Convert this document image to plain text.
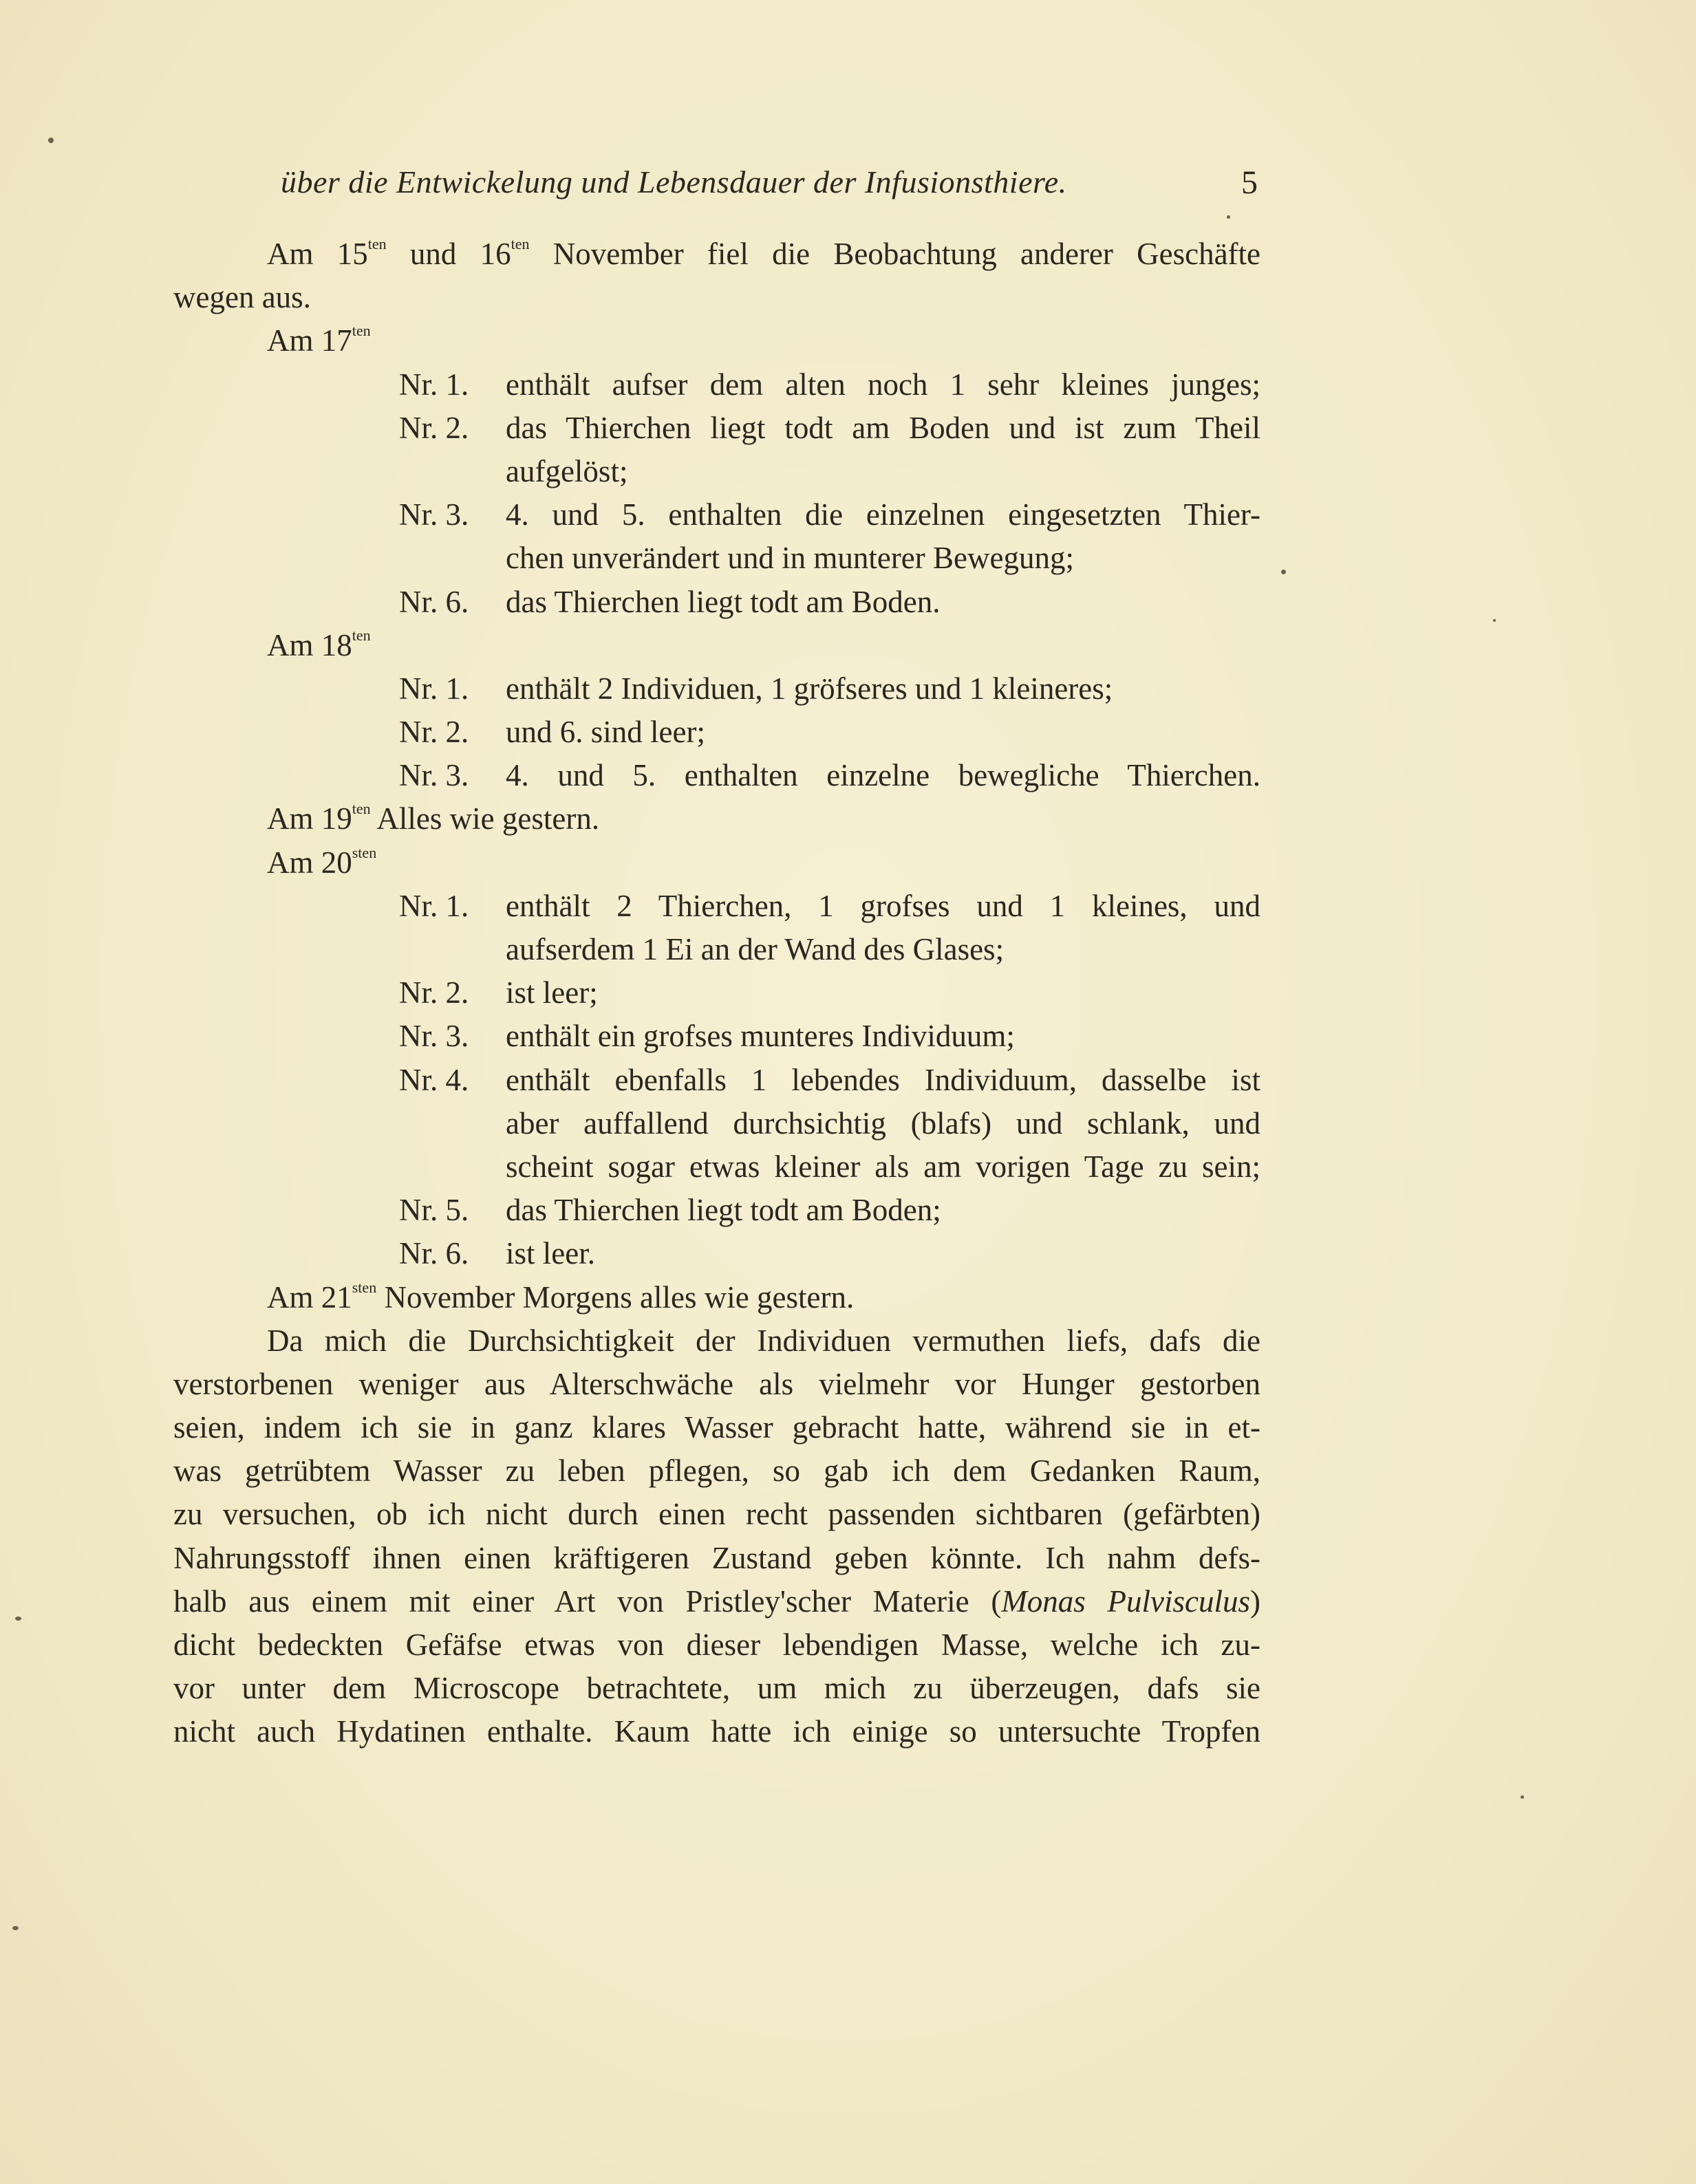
über die Entwickelung und Lebensdauer der Infusionsthiere.	5
Am $15^{ten}$ und $16^{ten}$ November fiel die Beobachtung anderer Geschäfte
wegen aus.
Am $17^{ten}$
Nr. 1.	enthält aufser dem alten noch 1 sehr kleines junges;
Nr. 2.	das Thierchen liegt todt am Boden und ist zum Theil
aufgelöst;
Nr. 3.	4. und 5. enthalten die einzelnen eingesetzten Thier-
chen unverändert und in munterer Bewegung;
Nr. 6.	das Thierchen liegt todt am Boden.
Am $18^{ten}$
Nr. 1.	enthält 2 Individuen, 1 gröfseres und 1 kleineres;
Nr. 2.	und 6. sind leer;
Nr. 3.	4. und 5. enthalten einzelne bewegliche Thierchen.
Am $19^{ten}$ Alles wie gestern.
Am $20^{sten}$
Nr. 1.	enthält 2 Thierchen, 1 grofses und 1 kleines, und
aufserdem 1 Ei an der Wand des Glases;
Nr. 2.	ist leer;
Nr. 3.	enthält ein grofses munteres Individuum;
Nr. 4.	enthält ebenfalls 1 lebendes Individuum, dasselbe ist
aber auffallend durchsichtig (blafs) und schlank, und
scheint sogar etwas kleiner als am vorigen Tage zu sein;
Nr. 5.	das Thierchen liegt todt am Boden;
Nr. 6.	ist leer.
Am $21^{sten}$ November Morgens alles wie gestern.
Da mich die Durchsichtigkeit der Individuen vermuthen liefs, dafs die
verstorbenen weniger aus Alterschwäche als vielmehr vor Hunger gestorben
seien, indem ich sie in ganz klares Wasser gebracht hatte, während sie in et-
was getrübtem Wasser zu leben pflegen, so gab ich dem Gedanken Raum,
zu versuchen, ob ich nicht durch einen recht passenden sichtbaren (gefärbten)
Nahrungsstoff ihnen einen kräftigeren Zustand geben könnte. Ich nahm defs-
halb aus einem mit einer Art von Pristley'scher Materie (Monas Pulvisculus)
dicht bedeckten Gefäfse etwas von dieser lebendigen Masse, welche ich zu-
vor unter dem Microscope betrachtete, um mich zu überzeugen, dafs sie
nicht auch Hydatinen enthalte. Kaum hatte ich einige so untersuchte Tropfen
